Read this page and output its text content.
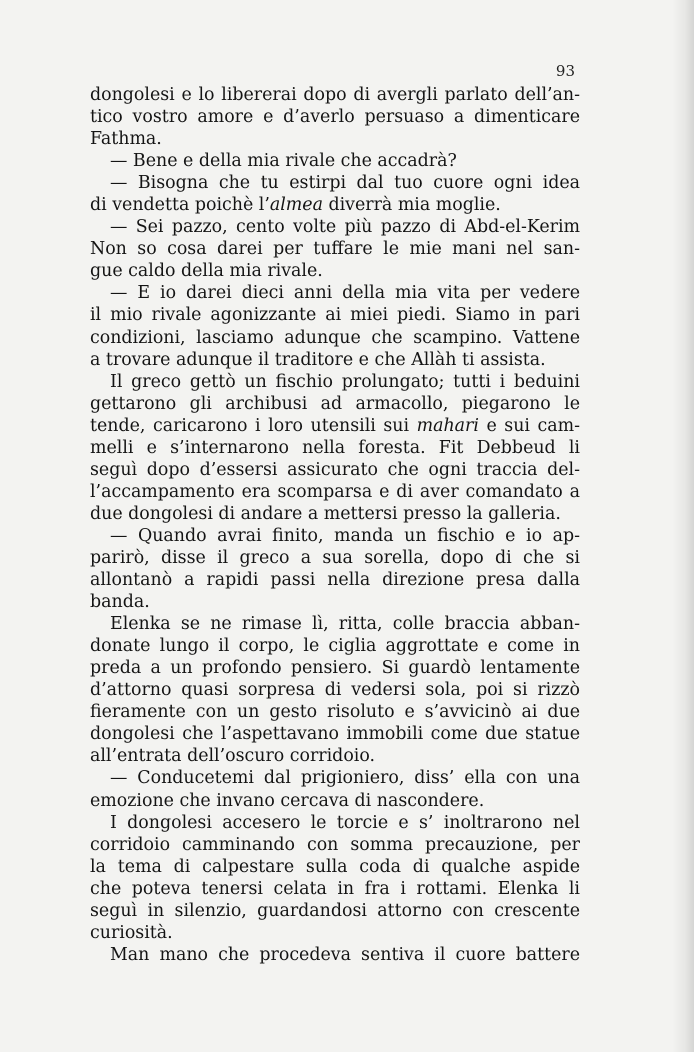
93
dongolesi e lo libererai dopo di avergli parlato dell’an-
tico vostro amore e d’averlo persuaso a dimenticare
Fathma.
— Bene e della mia rivale che accadrà?
— Bisogna che tu estirpi dal tuo cuore ogni idea
di vendetta poichè l’almea diverrà mia moglie.
— Sei pazzo, cento volte più pazzo di Abd-el-Kerim
Non so cosa darei per tuffare le mie mani nel san-
gue caldo della mia rivale.
— E io darei dieci anni della mia vita per vedere
il mio rivale agonizzante ai miei piedi. Siamo in pari
condizioni, lasciamo adunque che scampino. Vattene
a trovare adunque il traditore e che Allàh ti assista.
Il greco gettò un fischio prolungato; tutti i beduini
gettarono gli archibusi ad armacollo, piegarono le
tende, caricarono i loro utensili sui mahari e sui cam-
melli e s’internarono nella foresta. Fit Debbeud li
seguì dopo d’essersi assicurato che ogni traccia del-
l’accampamento era scomparsa e di aver comandato a
due dongolesi di andare a mettersi presso la galleria.
— Quando avrai finito, manda un fischio e io ap-
parirò, disse il greco a sua sorella, dopo di che si
allontanò a rapidi passi nella direzione presa dalla
banda.
Elenka se ne rimase lì, ritta, colle braccia abban-
donate lungo il corpo, le ciglia aggrottate e come in
preda a un profondo pensiero. Si guardò lentamente
d’attorno quasi sorpresa di vedersi sola, poi si rizzò
fieramente con un gesto risoluto e s’avvicinò ai due
dongolesi che l’aspettavano immobili come due statue
all’entrata dell’oscuro corridoio.
— Conducetemi dal prigioniero, diss’ ella con una
emozione che invano cercava di nascondere.
I dongolesi accesero le torcie e s’ inoltrarono nel
corridoio camminando con somma precauzione, per
la tema di calpestare sulla coda di qualche aspide
che poteva tenersi celata in fra i rottami. Elenka li
seguì in silenzio, guardandosi attorno con crescente
curiosità.
Man mano che procedeva sentiva il cuore battere
